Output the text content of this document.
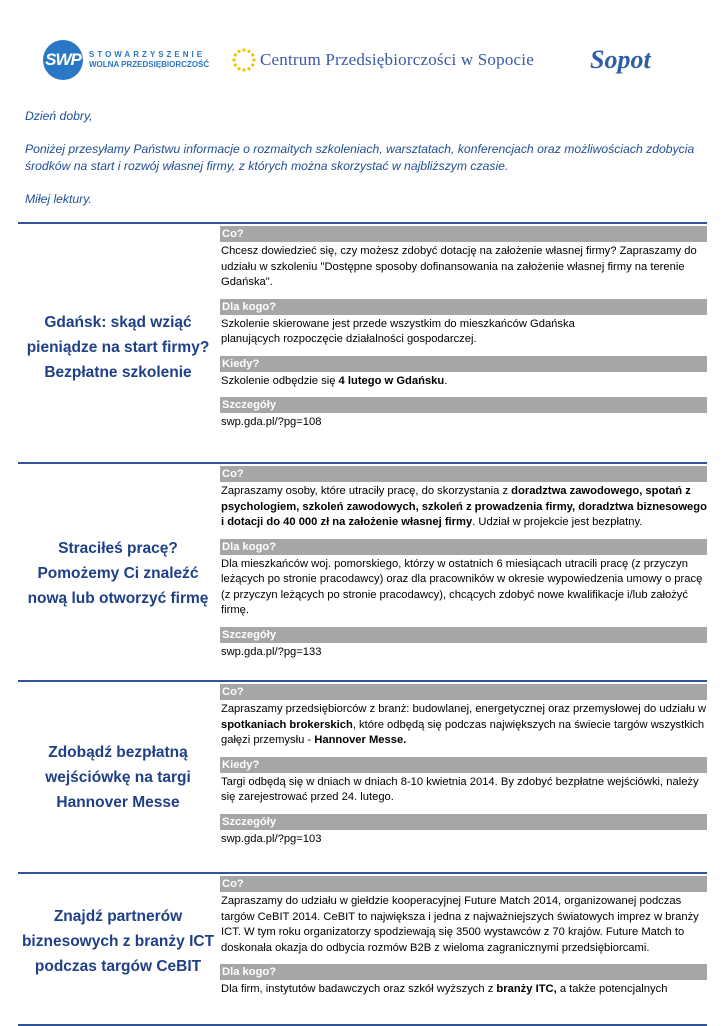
SWP STOWARZYSZENIE
WOLNA PRZEDSIĘBIORCZOŚĆ	Centrum Przedsiębiorczości w Sopocie Sopot

Dzień dobry,

Poniżej przesyłamy Państwu informacje o rozmaitych szkoleniach, warsztatach, konferencjach oraz możliwościach zdobycia środków na start i rozwój własnej firmy, z których można skorzystać w najbliższym czasie.

Miłej lektury.

Gdańsk: skąd wziąć pieniądze na start firmy? Bezpłatne szkolenie
Co?
Chcesz dowiedzieć się, czy możesz zdobyć dotację na założenie własnej firmy? Zapraszamy do udziału w szkoleniu "Dostępne sposoby dofinansowania na założenie własnej firmy na terenie Gdańska".
Dla kogo?
Szkolenie skierowane jest przede wszystkim do mieszkańców Gdańska
planujących rozpoczęcie działalności gospodarczej.
Kiedy?
Szkolenie odbędzie się 4 lutego w Gdańsku.
Szczegóły
swp.gda.pl/?pg=108
Straciłeś pracę? Pomożemy Ci znaleźć nową lub otworzyć firmę
Co?
Zapraszamy osoby, które utraciły pracę, do skorzystania z doradztwa zawodowego, spotań z psychologiem, szkoleń zawodowych, szkoleń z prowadzenia firmy, doradztwa biznesowego i dotacji do 40 000 zł na założenie własnej firmy. Udział w projekcie jest bezpłatny.
Dla kogo?
Dla mieszkańców woj. pomorskiego, którzy w ostatnich 6 miesiącach utracili pracę (z przyczyn leżących po stronie pracodawcy) oraz dla pracowników w okresie wypowiedzenia umowy o pracę (z przyczyn leżących po stronie pracodawcy), chcących zdobyć nowe kwalifikacje i/lub założyć firmę.
Szczegóły
swp.gda.pl/?pg=133
Zdobądź bezpłatną wejściówkę na targi Hannover Messe
Co?
Zapraszamy przedsiębiorców z branż: budowlanej, energetycznej oraz przemysłowej do udziału w spotkaniach brokerskich, które odbędą się podczas największych na świecie targów wszystkich gałęzi przemysłu - Hannover Messe.
Kiedy?
Targi odbędą się w dniach w dniach 8-10 kwietnia 2014. By zdobyć bezpłatne wejściówki, należy się zarejestrować przed 24. lutego.
Szczegóły
swp.gda.pl/?pg=103
Znajdź partnerów biznesowych z branży ICT podczas targów CeBIT
Co?
Zapraszamy do udziału w giełdzie kooperacyjnej Future Match 2014, organizowanej podczas targów CeBIT 2014. CeBIT to największa i jedna z najważniejszych światowych imprez w branży ICT. W tym roku organizatorzy spodziewają się 3500 wystawców z 70 krajów. Future Match to doskonała okazja do odbycia rozmów B2B z wieloma zagranicznymi przedsiębiorcami.
Dla kogo?
Dla firm, instytutów badawczych oraz szkół wyższych z branży ITC, a także potencjalnych
